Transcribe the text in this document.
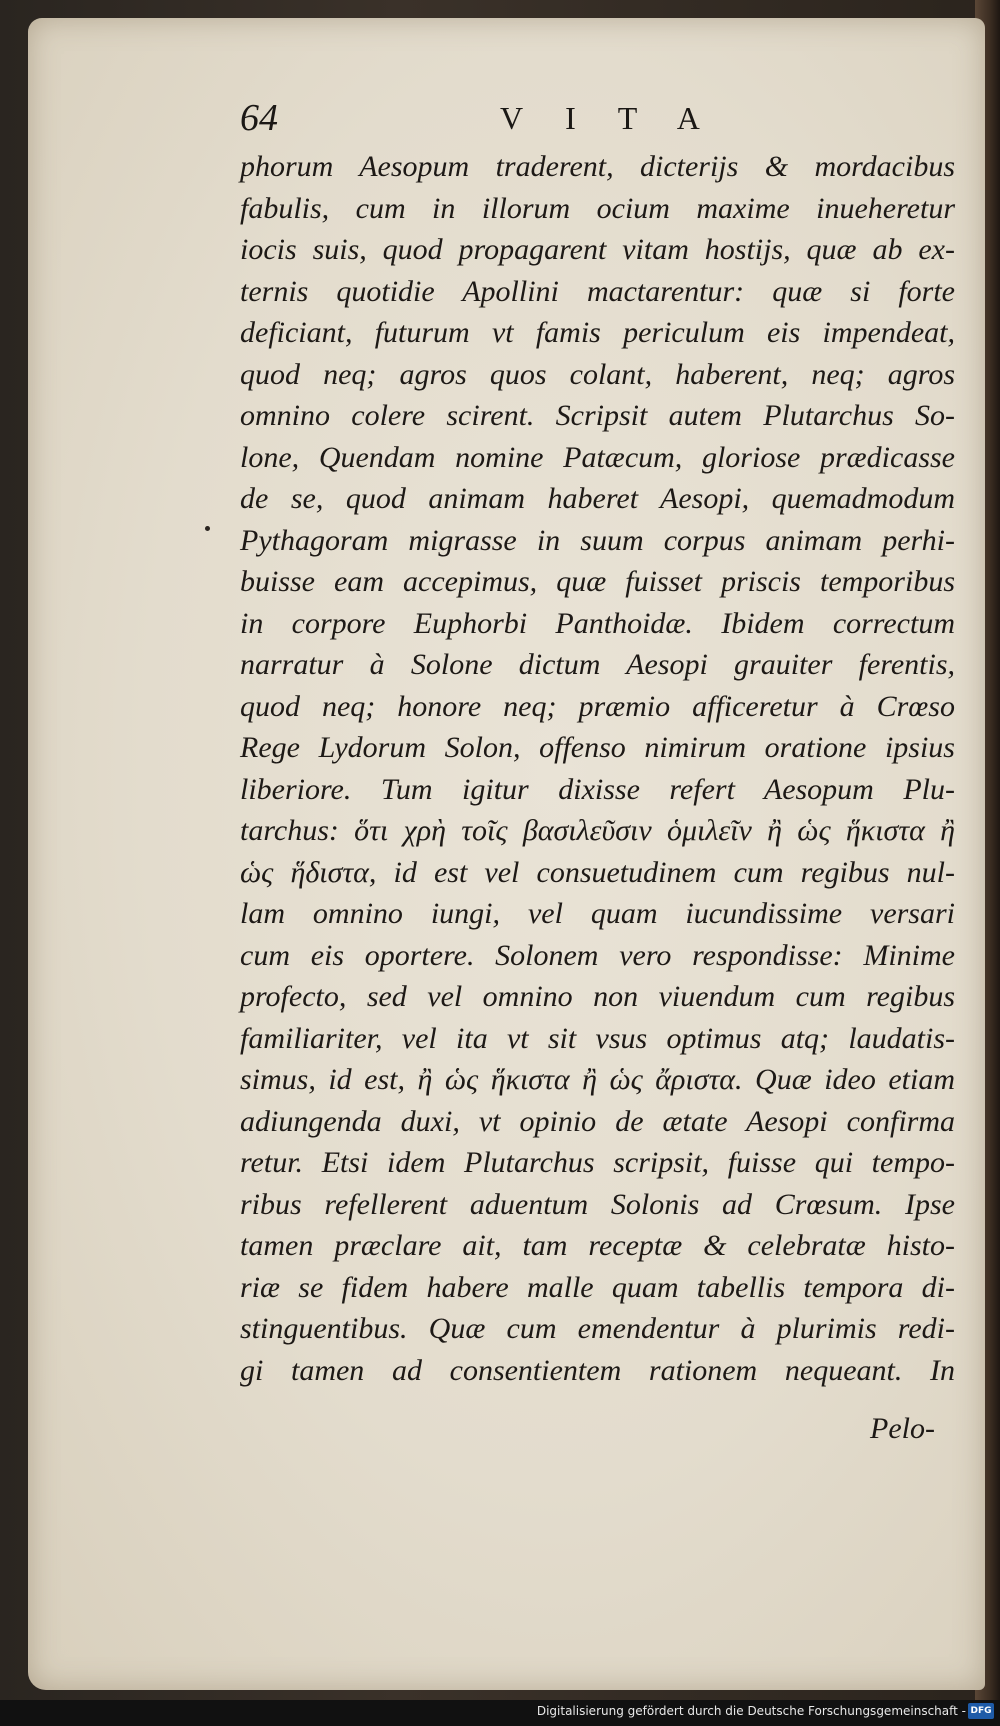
64	VITA
phorum Aesopum traderent, dicterijs & mordacibus
fabulis, cum in illorum ocium maxime inueheretur
iocis suis, quod propagarent vitam hostijs, quæ ab ex-
ternis quotidie Apollini mactarentur: quæ si forte
deficiant, futurum vt famis periculum eis impendeat,
quod neq; agros quos colant, haberent, neq; agros
omnino colere scirent. Scripsit autem Plutarchus So-
lone, Quendam nomine Patæcum, gloriose prædicasse
de se, quod animam haberet Aesopi, quemadmodum
Pythagoram migrasse in suum corpus animam perhi-
buisse eam accepimus, quæ fuisset priscis temporibus
in corpore Euphorbi Panthoidæ. Ibidem correctum
narratur à Solone dictum Aesopi grauiter ferentis,
quod neq; honore neq; præmio afficeretur à Crœso
Rege Lydorum Solon, offenso nimirum oratione ipsius
liberiore. Tum igitur dixisse refert Aesopum Plu-
tarchus: ὅτι χρὴ τοῖς βασιλεῦσιν ὁμιλεῖν ἢ ὡς ἥκιστα ἢ
ὡς ἥδιστα, id est vel consuetudinem cum regibus nul-
lam omnino iungi, vel quam iucundissime versari
cum eis oportere. Solonem vero respondisse: Minime
profecto, sed vel omnino non viuendum cum regibus
familiariter, vel ita vt sit vsus optimus atq; laudatis-
simus, id est, ἢ ὡς ἥκιστα ἢ ὡς ἄριστα. Quæ ideo etiam
adiungenda duxi, vt opinio de ætate Aesopi confirma
retur. Etsi idem Plutarchus scripsit, fuisse qui tempo-
ribus refellerent aduentum Solonis ad Crœsum. Ipse
tamen præclare ait, tam receptæ & celebratæ histo-
riæ se fidem habere malle quam tabellis tempora di-
stinguentibus. Quæ cum emendentur à plurimis redi-
gi tamen ad consentientem rationem nequeant. In
Pelo-
Digitalisierung gefördert durch die Deutsche Forschungsgemeinschaft - DFG
